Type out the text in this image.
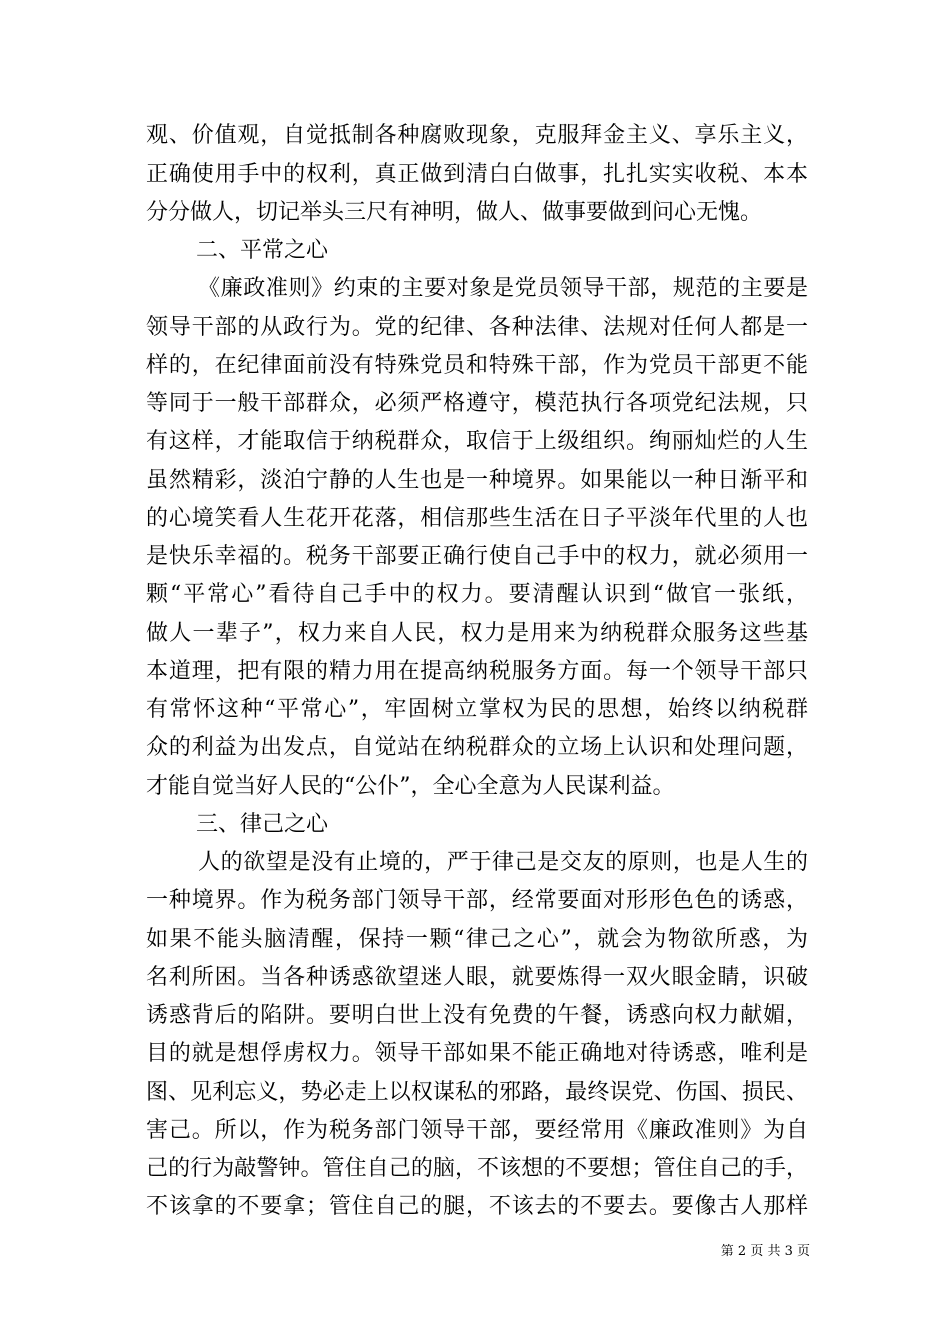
观、价值观，自觉抵制各种腐败现象，克服拜金主义、享乐主义，
正确使用手中的权利，真正做到清白白做事，扎扎实实收税、本本
分分做人，切记举头三尺有神明，做人、做事要做到问心无愧。
二、平常之心
《廉政准则》约束的主要对象是党员领导干部，规范的主要是
领导干部的从政行为。党的纪律、各种法律、法规对任何人都是一
样的，在纪律面前没有特殊党员和特殊干部，作为党员干部更不能
等同于一般干部群众，必须严格遵守，模范执行各项党纪法规，只
有这样，才能取信于纳税群众，取信于上级组织。绚丽灿烂的人生
虽然精彩，淡泊宁静的人生也是一种境界。如果能以一种日渐平和
的心境笑看人生花开花落，相信那些生活在日子平淡年代里的人也
是快乐幸福的。税务干部要正确行使自己手中的权力，就必须用一
颗“平常心”看待自己手中的权力。要清醒认识到“做官一张纸，
做人一辈子”，权力来自人民，权力是用来为纳税群众服务这些基
本道理，把有限的精力用在提高纳税服务方面。每一个领导干部只
有常怀这种“平常心”，牢固树立掌权为民的思想，始终以纳税群
众的利益为出发点，自觉站在纳税群众的立场上认识和处理问题，
才能自觉当好人民的“公仆”，全心全意为人民谋利益。
三、律己之心
人的欲望是没有止境的，严于律己是交友的原则，也是人生的
一种境界。作为税务部门领导干部，经常要面对形形色色的诱惑，
如果不能头脑清醒，保持一颗“律己之心”，就会为物欲所惑，为
名利所困。当各种诱惑欲望迷人眼，就要炼得一双火眼金睛，识破
诱惑背后的陷阱。要明白世上没有免费的午餐，诱惑向权力献媚，
目的就是想俘虏权力。领导干部如果不能正确地对待诱惑，唯利是
图、见利忘义，势必走上以权谋私的邪路，最终误党、伤国、损民、
害己。所以，作为税务部门领导干部，要经常用《廉政准则》为自
己的行为敲警钟。管住自己的脑，不该想的不要想；管住自己的手，
不该拿的不要拿；管住自己的腿，不该去的不要去。要像古人那样
第 2 页 共 3 页
